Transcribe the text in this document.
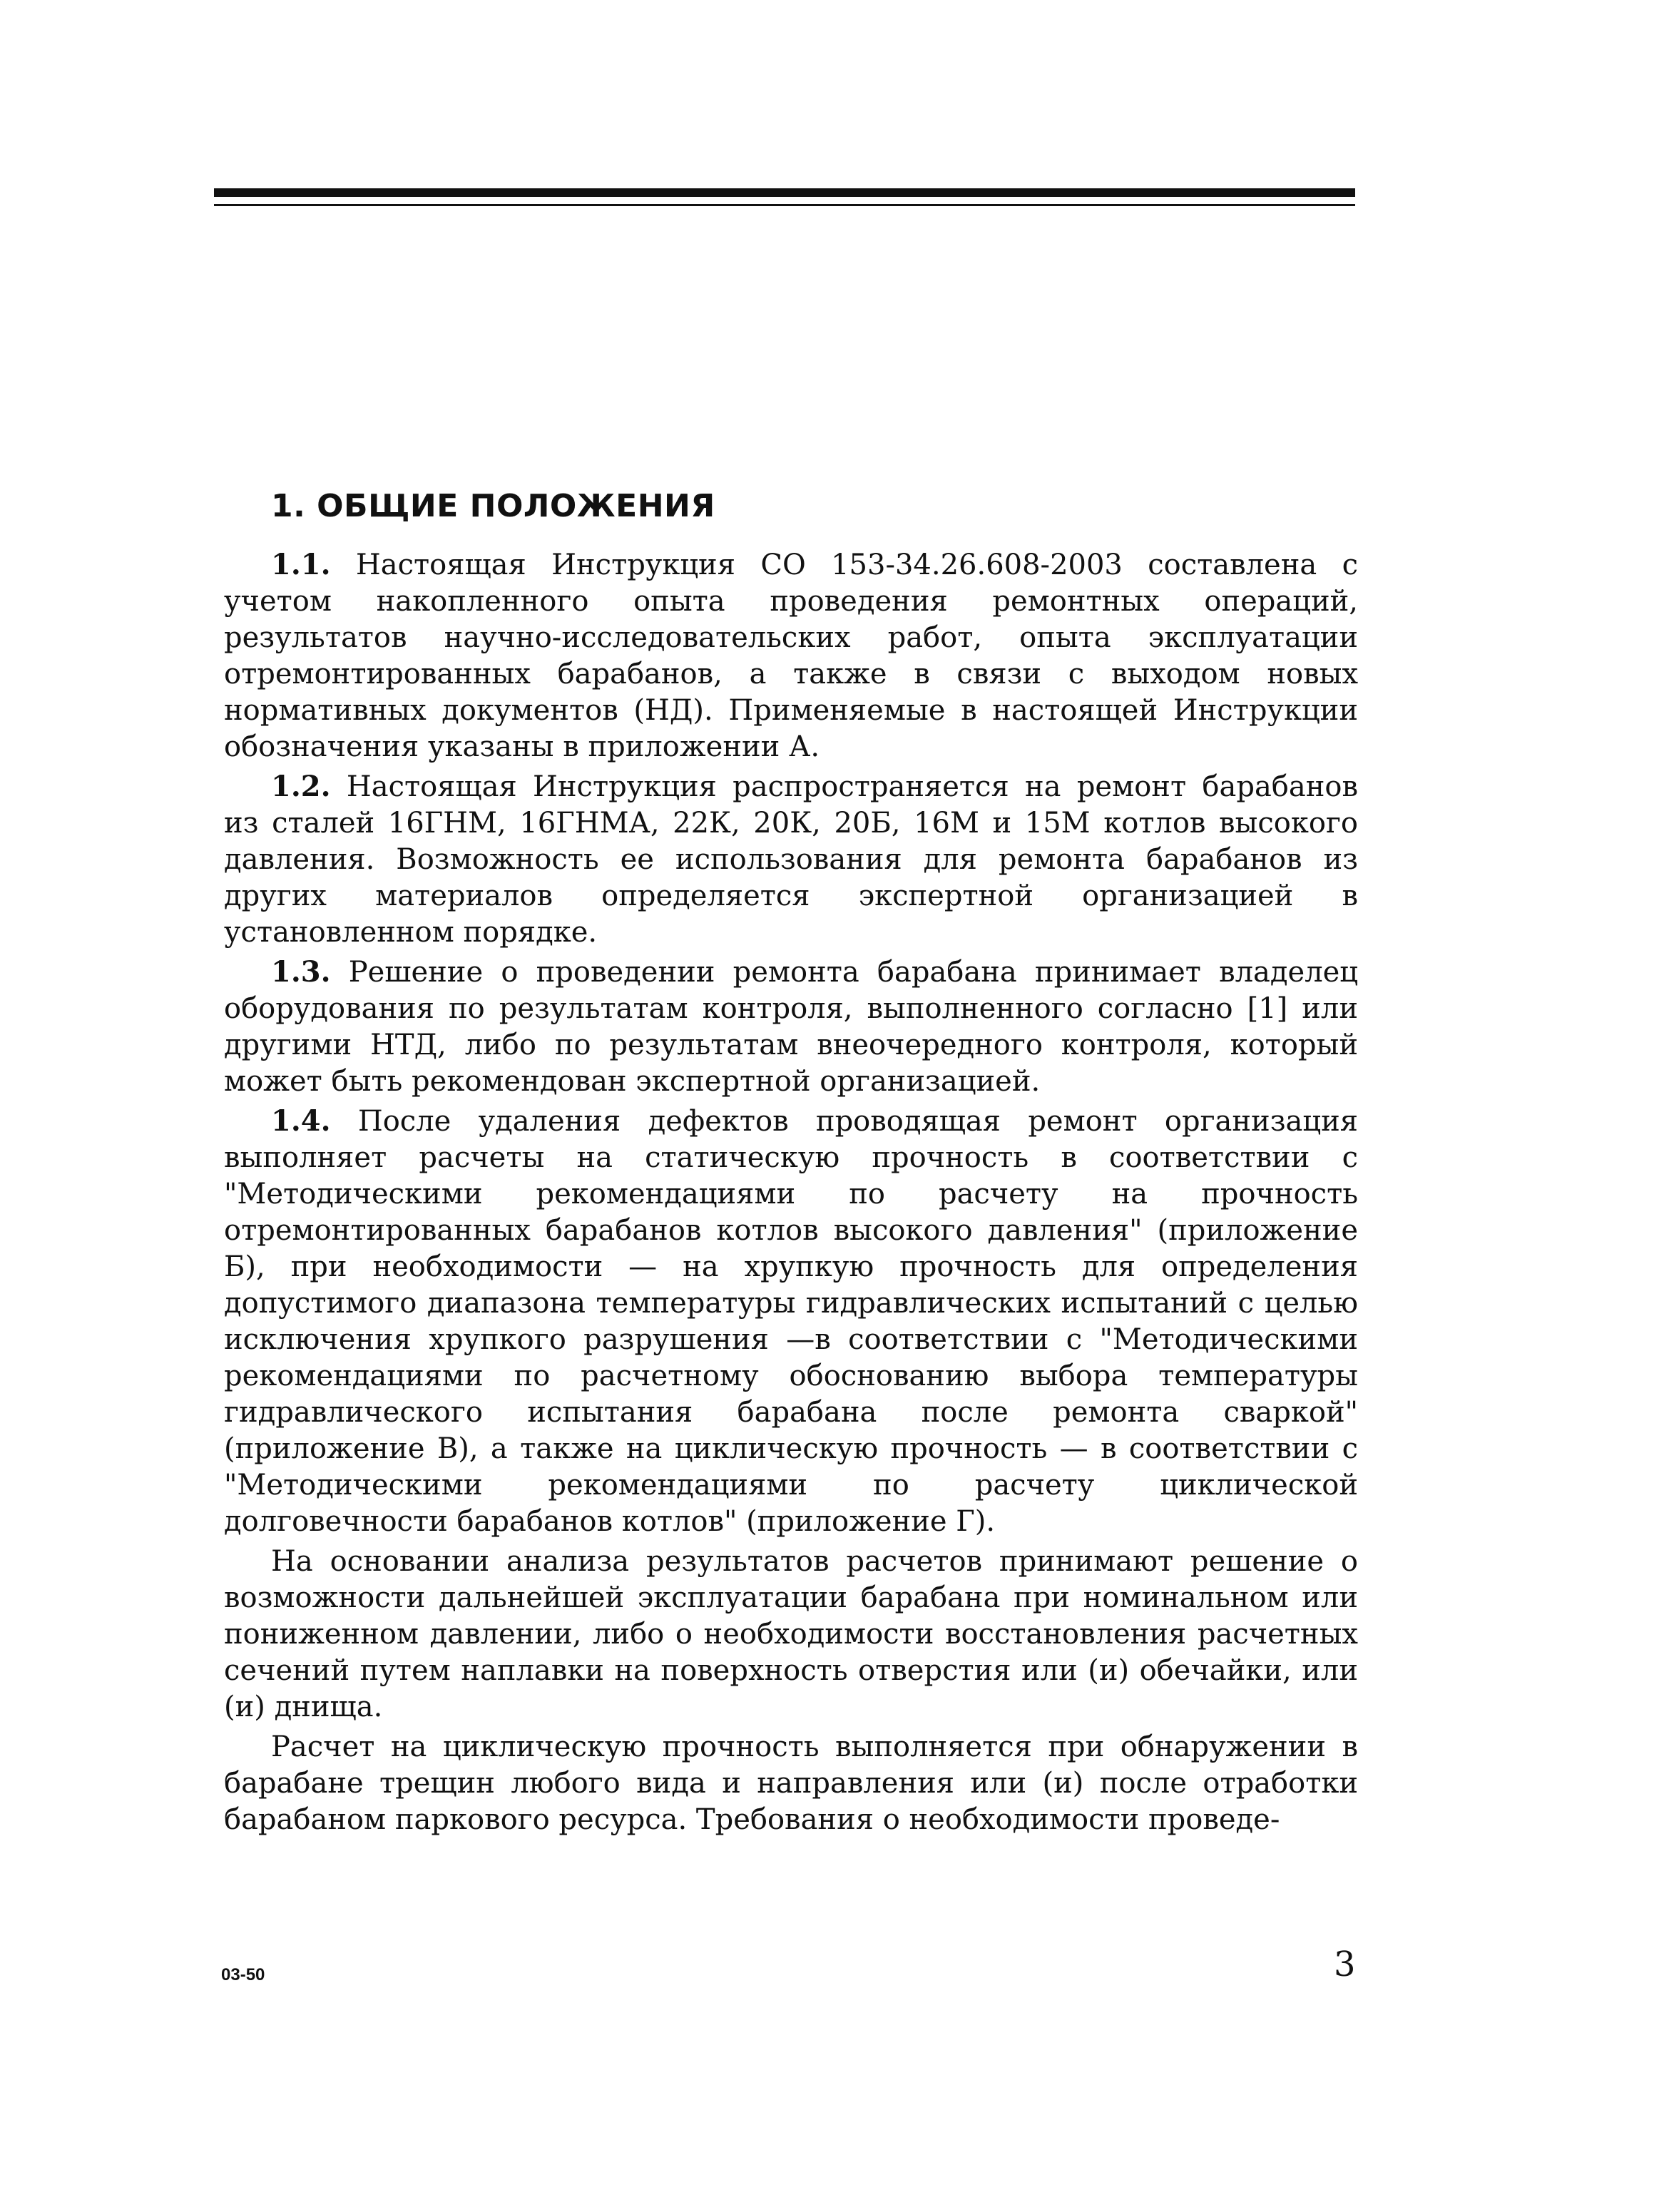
1. ОБЩИЕ ПОЛОЖЕНИЯ

1.1. Настоящая Инструкция СО 153-34.26.608-2003 составлена с учетом накопленного опыта проведения ремонтных операций, результатов научно-исследовательских работ, опыта эксплуатации отремонтированных барабанов, а также в связи с выходом новых нормативных документов (НД). Применяемые в настоящей Инструкции обозначения указаны в приложении А.

1.2. Настоящая Инструкция распространяется на ремонт барабанов из сталей 16ГНМ, 16ГНМА, 22К, 20К, 20Б, 16М и 15М котлов высокого давления. Возможность ее использования для ремонта барабанов из других материалов определяется экспертной организацией в установленном порядке.

1.3. Решение о проведении ремонта барабана принимает владелец оборудования по результатам контроля, выполненного согласно [1] или другими НТД, либо по результатам внеочередного контроля, который может быть рекомендован экспертной организацией.

1.4. После удаления дефектов проводящая ремонт организация выполняет расчеты на статическую прочность в соответствии с "Методическими рекомендациями по расчету на прочность отремонтированных барабанов котлов высокого давления" (приложение Б), при необходимости — на хрупкую прочность для определения допустимого диапазона температуры гидравлических испытаний с целью исключения хрупкого разрушения —в соответствии с "Методическими рекомендациями по расчетному обоснованию выбора температуры гидравлического испытания барабана после ремонта сваркой" (приложение В), а также на циклическую прочность — в соответствии с "Методическими рекомендациями по расчету циклической долговечности барабанов котлов" (приложение Г).

На основании анализа результатов расчетов принимают решение о возможности дальнейшей эксплуатации барабана при номинальном или пониженном давлении, либо о необходимости восстановления расчетных сечений путем наплавки на поверхность отверстия или (и) обечайки, или (и) днища.

Расчет на циклическую прочность выполняется при обнаружении в барабане трещин любого вида и направления или (и) после отработки барабаном паркового ресурса. Требования о необходимости проведе-

03-50	3
